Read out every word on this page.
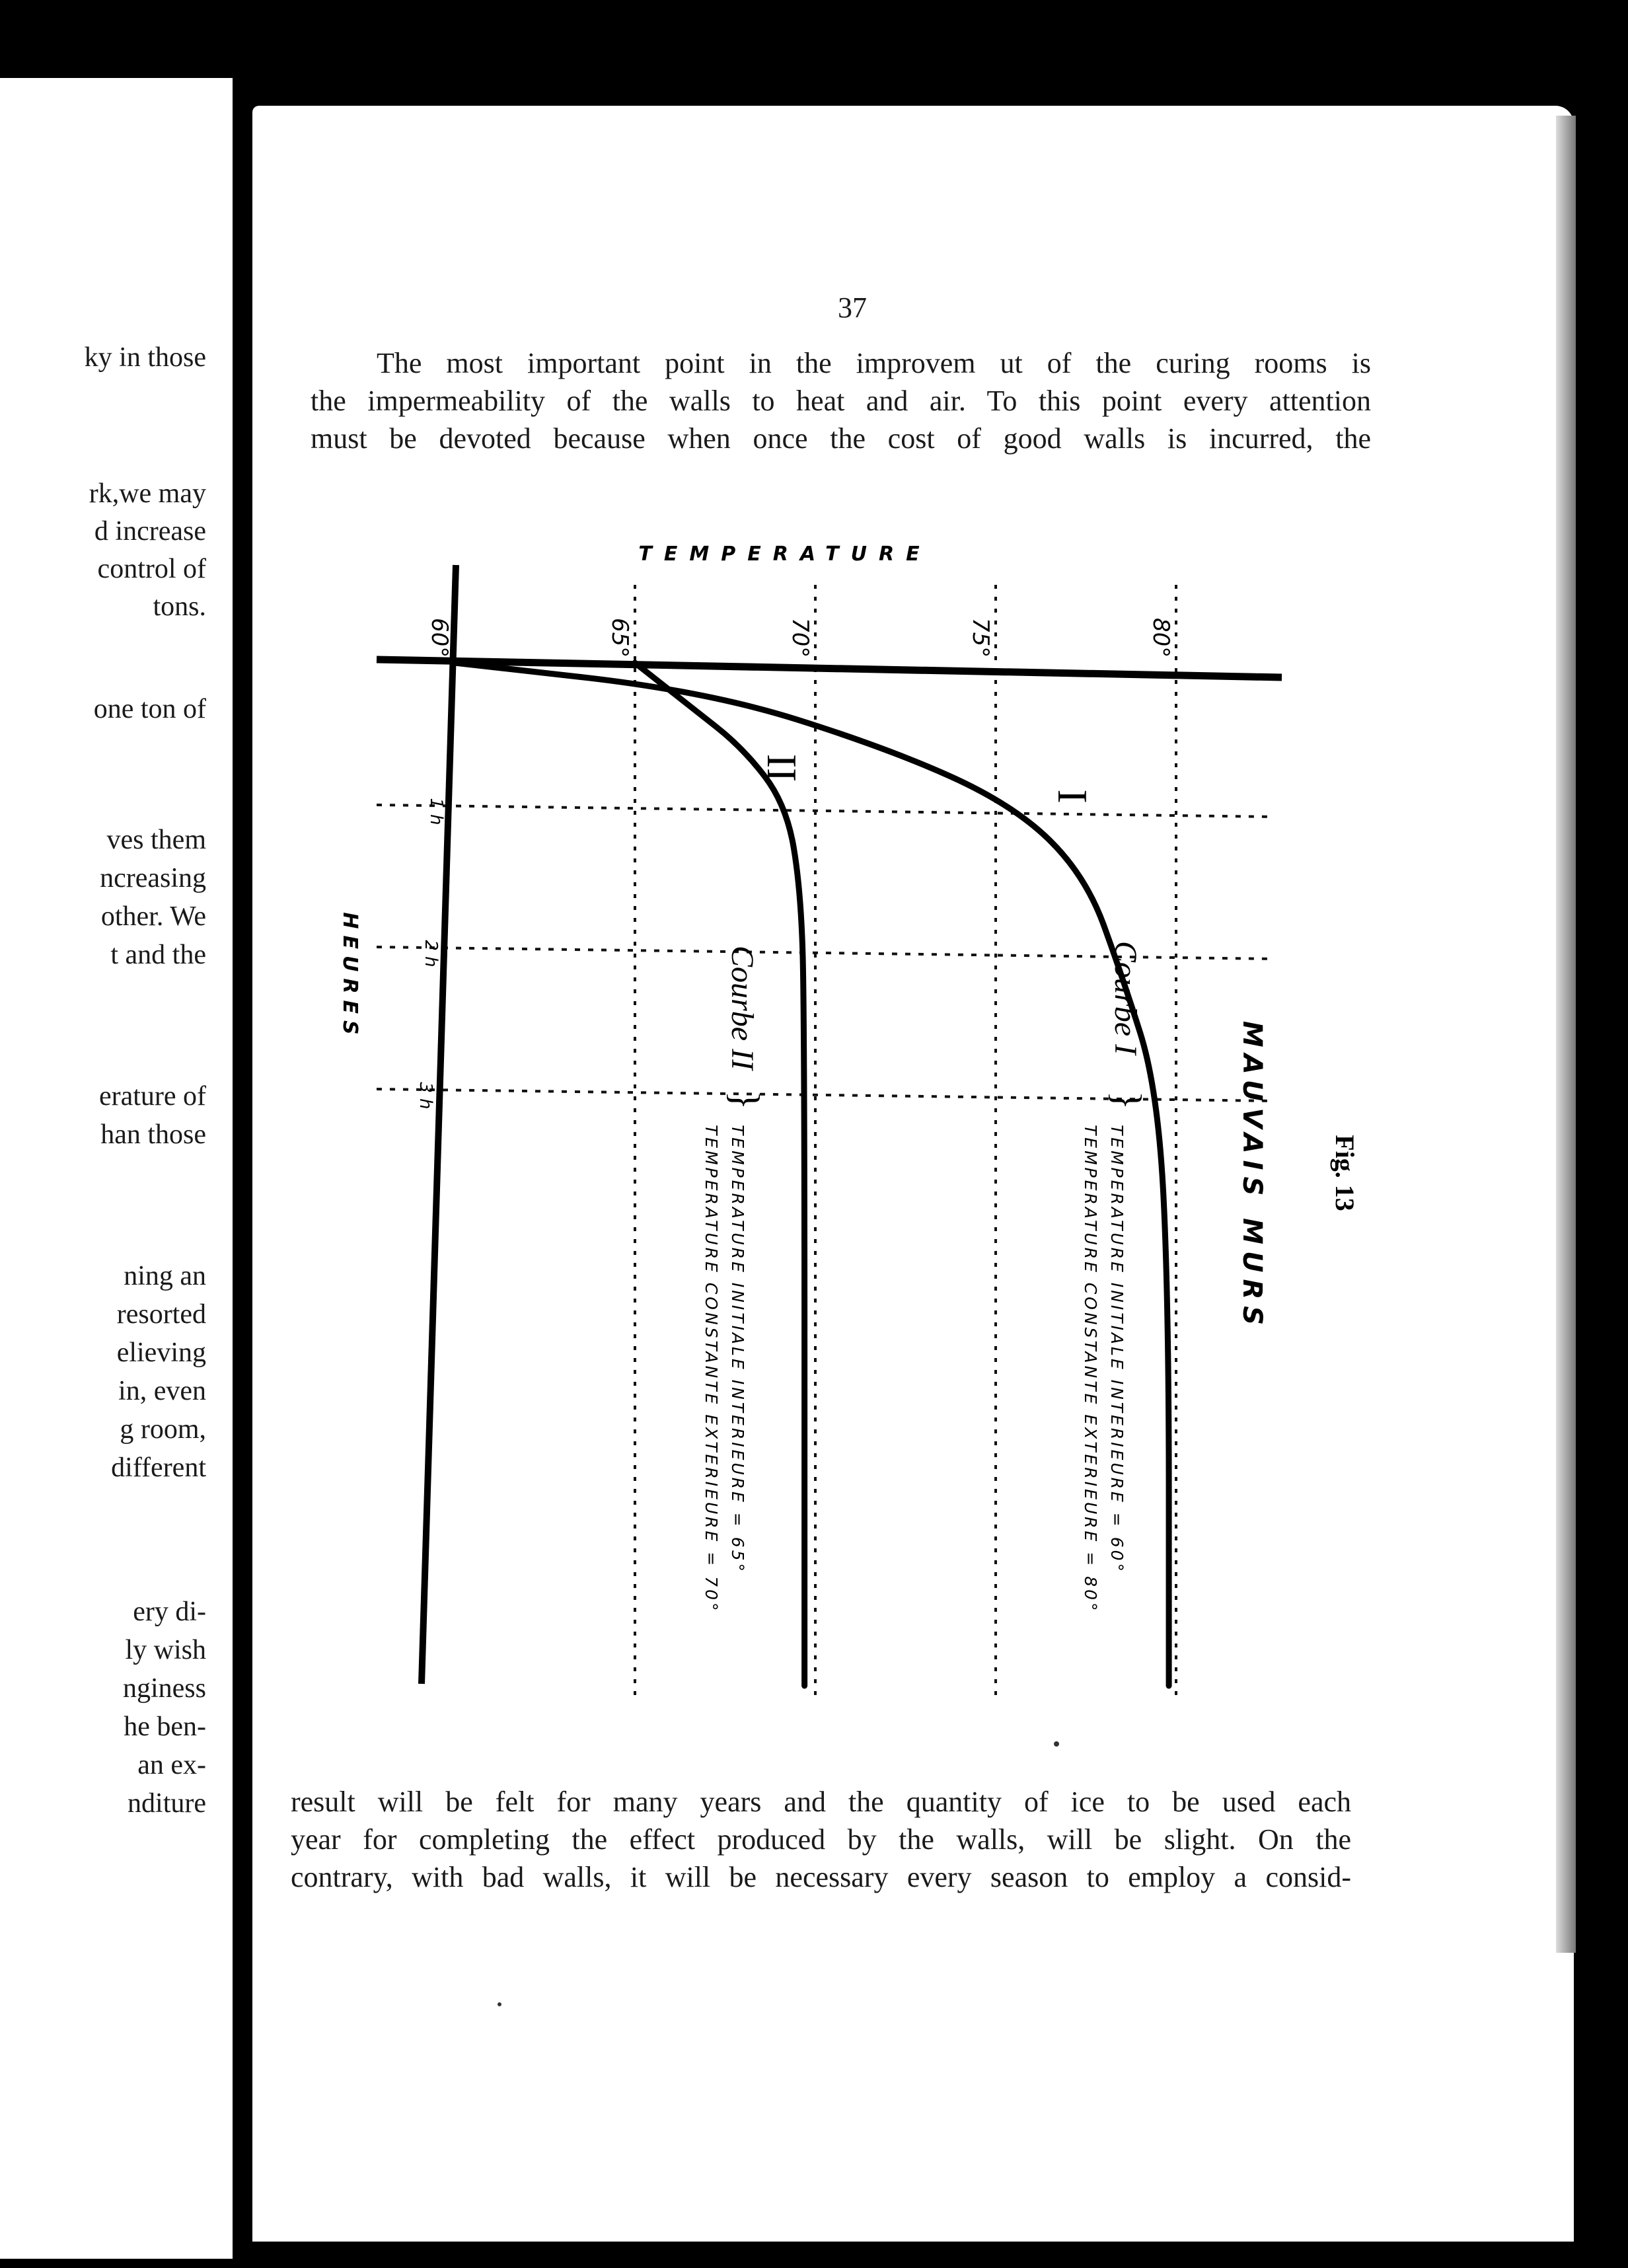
ky in those
rk,we may
d increase
control of
tons.
one ton of
ves them
ncreasing
other. We
t and the
erature of
han those
ning an
resorted
elieving
in, even
g room,
different
ery di-
ly wish
nginess
he ben-
an ex-
nditure
37
The most important point in the improvem ut of the curing rooms is
the impermeability of the walls to heat and air. To this point every attention
must be devoted because when once the cost of good walls is incurred, the
TEMPERATURE
60°	65°	70°	75°	80°
1 h
2 h
3 h
HEURES
I
II
Courbe I
Courbe II
}
}
TEMPERATURE INITIALE INTERIEURE = 60°
TEMPERATURE CONSTANTE EXTERIEURE = 80°
TEMPERATURE INITIALE INTERIEURE = 65°
TEMPERATURE CONSTANTE EXTERIEURE = 70°	MAUVAIS MURS Fig. 13
result will be felt for many years and the quantity of ice to be used each
year for completing the effect produced by the walls, will be slight. On the
contrary, with bad walls, it will be necessary every season to employ a consid-
